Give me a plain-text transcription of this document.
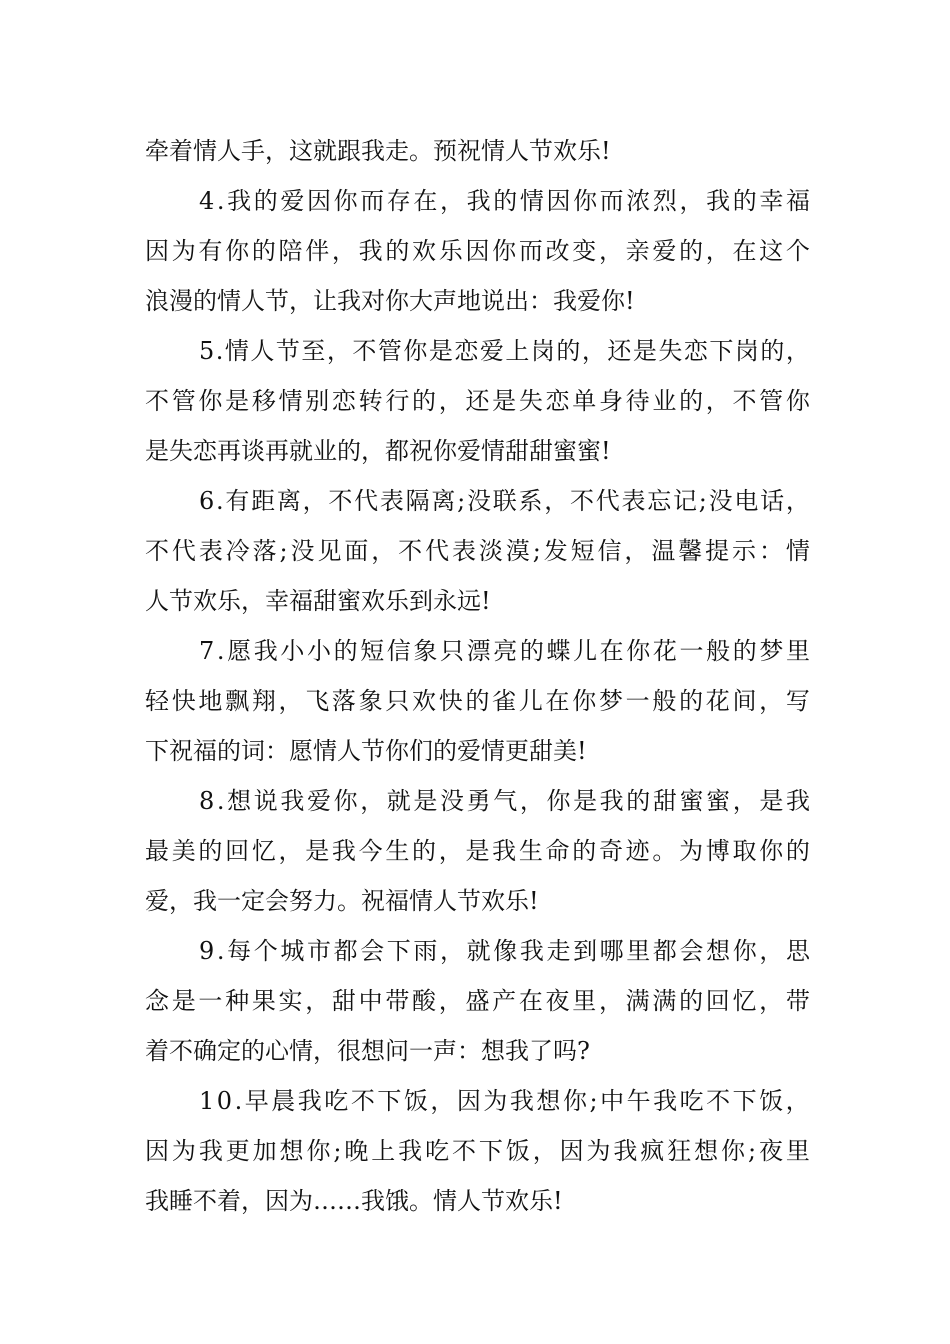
牵着情人手，这就跟我走。预祝情人节欢乐!
4 . 我 的 爱 因 你 而 存 在 ， 我 的 情 因 你 而 浓 烈 ， 我 的 幸 福
因 为 有 你 的 陪 伴 ， 我 的 欢 乐 因 你 而 改 变 ， 亲 爱 的 ， 在 这 个
浪漫的情人节，让我对你大声地说出：我爱你!
5 . 情 人 节 至 ， 不 管 你 是 恋 爱 上 岗 的 ， 还 是 失 恋 下 岗 的 ，
不 管 你 是 移 情 别 恋 转 行 的 ， 还 是 失 恋 单 身 待 业 的 ， 不 管 你
是失恋再谈再就业的，都祝你爱情甜甜蜜蜜!
6 . 有 距 离 ， 不 代 表 隔 离 ; 没 联 系 ， 不 代 表 忘 记 ; 没 电 话 ，
不 代 表 冷 落 ; 没 见 面 ， 不 代 表 淡 漠 ; 发 短 信 ， 温 馨 提 示 ： 情
人节欢乐，幸福甜蜜欢乐到永远!
7 . 愿 我 小 小 的 短 信 象 只 漂 亮 的 蝶 儿 在 你 花 一 般 的 梦 里
轻 快 地 飘 翔 ， 飞 落 象 只 欢 快 的 雀 儿 在 你 梦 一 般 的 花 间 ， 写
下祝福的词：愿情人节你们的爱情更甜美!
8 . 想 说 我 爱 你 ， 就 是 没 勇 气 ， 你 是 我 的 甜 蜜 蜜 ， 是 我
最 美 的 回 忆 ， 是 我 今 生 的 ， 是 我 生 命 的 奇 迹 。 为 博 取 你 的
爱，我一定会努力。祝福情人节欢乐!
9 . 每 个 城 市 都 会 下 雨 ， 就 像 我 走 到 哪 里 都 会 想 你 ， 思
念 是 一 种 果 实 ， 甜 中 带 酸 ， 盛 产 在 夜 里 ， 满 满 的 回 忆 ， 带
着不确定的心情，很想问一声：想我了吗?
1 0 . 早 晨 我 吃 不 下 饭 ， 因 为 我 想 你 ; 中 午 我 吃 不 下 饭 ，
因 为 我 更 加 想 你 ; 晚 上 我 吃 不 下 饭 ， 因 为 我 疯 狂 想 你 ; 夜 里
我睡不着，因为……我饿。情人节欢乐!
